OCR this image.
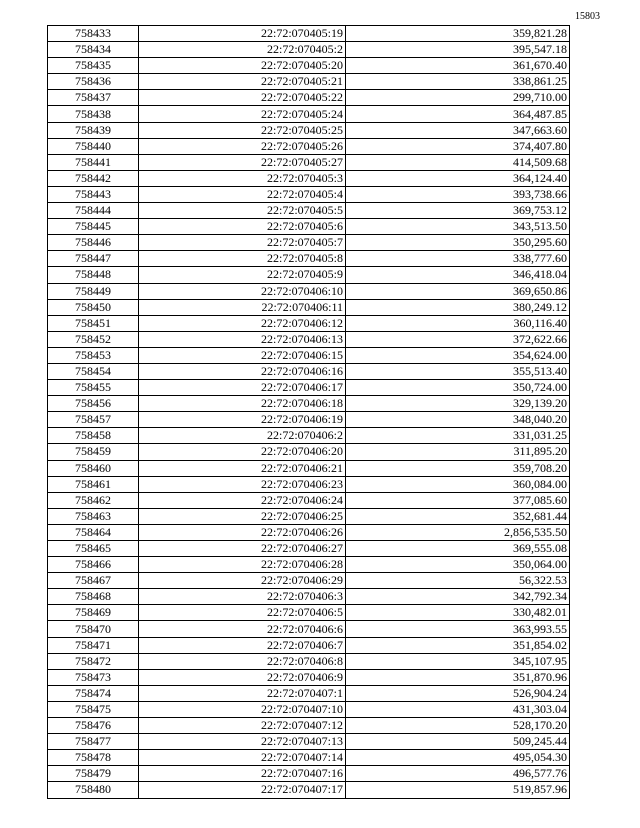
15803
758433	22:72:070405:19	359,821.28
758434	22:72:070405:2	395,547.18
758435	22:72:070405:20	361,670.40
758436	22:72:070405:21	338,861.25
758437	22:72:070405:22	299,710.00
758438	22:72:070405:24	364,487.85
758439	22:72:070405:25	347,663.60
758440	22:72:070405:26	374,407.80
758441	22:72:070405:27	414,509.68
758442	22:72:070405:3	364,124.40
758443	22:72:070405:4	393,738.66
758444	22:72:070405:5	369,753.12
758445	22:72:070405:6	343,513.50
758446	22:72:070405:7	350,295.60
758447	22:72:070405:8	338,777.60
758448	22:72:070405:9	346,418.04
758449	22:72:070406:10	369,650.86
758450	22:72:070406:11	380,249.12
758451	22:72:070406:12	360,116.40
758452	22:72:070406:13	372,622.66
758453	22:72:070406:15	354,624.00
758454	22:72:070406:16	355,513.40
758455	22:72:070406:17	350,724.00
758456	22:72:070406:18	329,139.20
758457	22:72:070406:19	348,040.20
758458	22:72:070406:2	331,031.25
758459	22:72:070406:20	311,895.20
758460	22:72:070406:21	359,708.20
758461	22:72:070406:23	360,084.00
758462	22:72:070406:24	377,085.60
758463	22:72:070406:25	352,681.44
758464	22:72:070406:26	2,856,535.50
758465	22:72:070406:27	369,555.08
758466	22:72:070406:28	350,064.00
758467	22:72:070406:29	56,322.53
758468	22:72:070406:3	342,792.34
758469	22:72:070406:5	330,482.01
758470	22:72:070406:6	363,993.55
758471	22:72:070406:7	351,854.02
758472	22:72:070406:8	345,107.95
758473	22:72:070406:9	351,870.96
758474	22:72:070407:1	526,904.24
758475	22:72:070407:10	431,303.04
758476	22:72:070407:12	528,170.20
758477	22:72:070407:13	509,245.44
758478	22:72:070407:14	495,054.30
758479	22:72:070407:16	496,577.76
758480	22:72:070407:17	519,857.96
